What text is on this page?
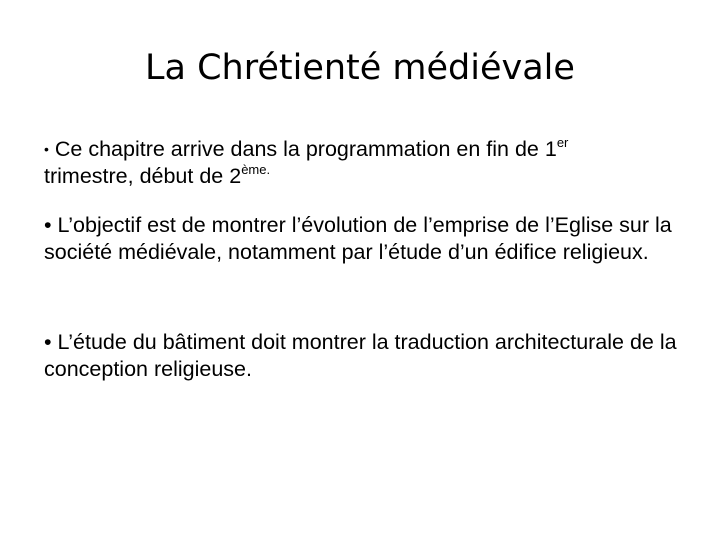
La Chrétienté médiévale
• Ce chapitre arrive dans la programmation en fin de 1er
trimestre, début de $2^{ème.}$
• L’objectif est de montrer l’évolution de l’emprise de l’Eglise sur la société médiévale, notamment par l’étude d’un édifice religieux.
• L’étude du bâtiment doit montrer la traduction architecturale de la conception religieuse.
